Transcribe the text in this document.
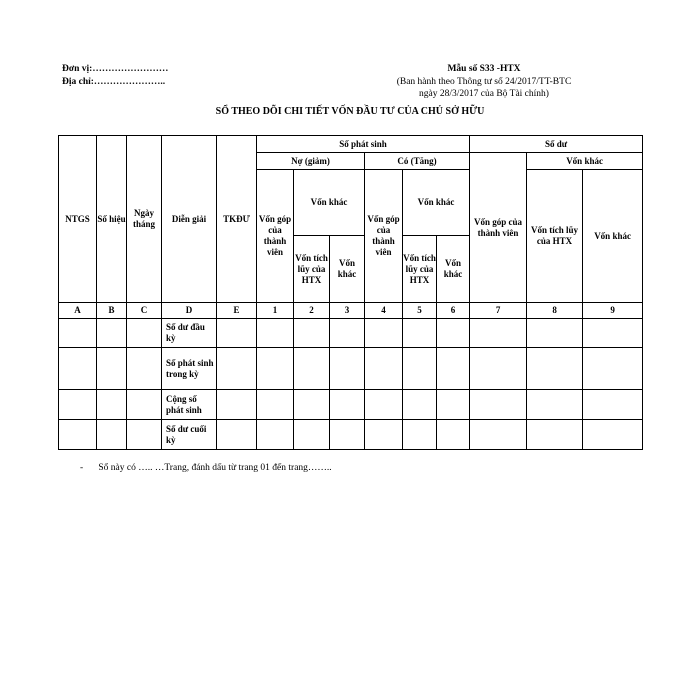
Đơn vị:……………………
Địa chỉ:…………………..
Mẫu số S33 -HTX
(Ban hành theo Thông tư số 24/2017/TT-BTC
ngày 28/3/2017 của Bộ Tài chính)
SỔ THEO DÕI CHI TIẾT VỐN ĐẦU TƯ CỦA CHỦ SỞ HỮU
NTGS	Số hiệu	Ngày tháng	Diễn giải	TKĐƯ	Số phát sinh						Số dư		
					Nợ (giảm)			Có (Tăng)			Vốn góp của thành viên	Vốn khác	
					Vốn góp của thành viên	Vốn khác		Vốn góp của thành viên	Vốn khác			Vốn tích lũy của HTX	Vốn khác
						Vốn tích lũy của HTX	Vốn khác		Vốn tích lũy của HTX	Vốn khác			
A	B	C	D	E	1	2	3	4	5	6	7	8	9
			Số dư đầu kỳ										
			Số phát sinh trong kỳ										
			Cộng số phát sinh										
			Số dư cuối kỳ										
- Sổ này có ….. …Trang, đánh dấu từ trang 01 đến trang……..
